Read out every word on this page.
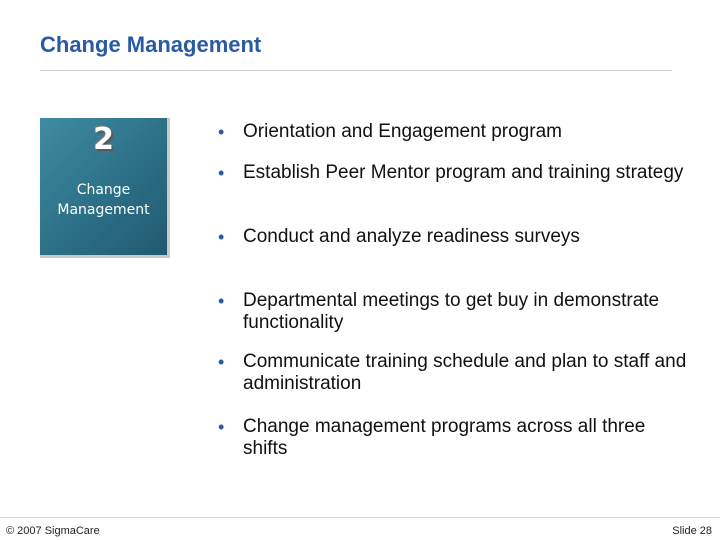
Change Management
2
Change Management
• Orientation and Engagement program
• Establish Peer Mentor program and training strategy
• Conduct and analyze readiness surveys
• Departmental meetings to get buy in demonstrate functionality
• Communicate training schedule and plan to staff and administration
• Change management programs across all three shifts
© 2007 SigmaCare	Slide 28
